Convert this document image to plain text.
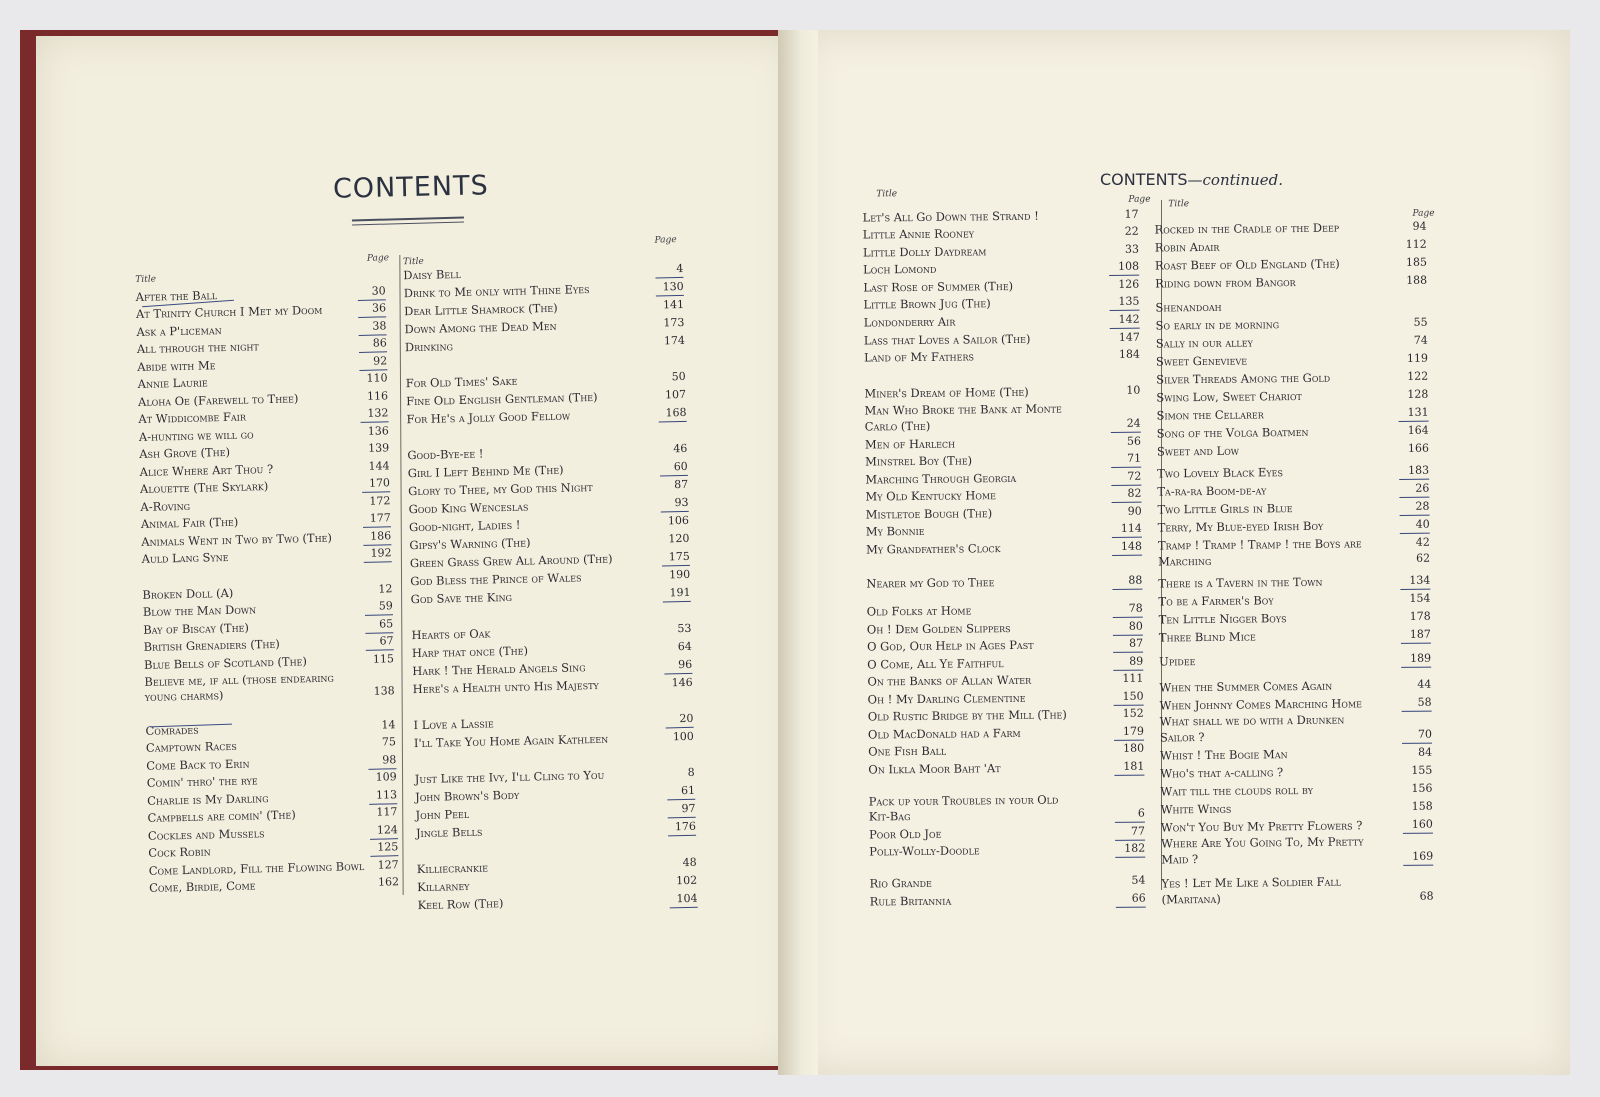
CONTENTS
Title
Page
After the Ball	30
At Trinity Church I Met my Doom	36
Ask a P'liceman	38
All through the night	86
Abide with Me	92
Annie Laurie	110
Aloha Oe (Farewell to Thee)	116
At Widdicombe Fair	132
A-hunting we will go	136
Ash Grove (The)	139
Alice Where Art Thou ?	144
Alouette (The Skylark)	170
A-Roving	172
Animal Fair (The)	177
Animals Went in Two by Two (The)	186
Auld Lang Syne	192
Broken Doll (A)	12
Blow the Man Down	59
Bay of Biscay (The)	65
British Grenadiers (The)	67
Blue Bells of Scotland (The)	115
Believe me, if all (those endearing
young charms)	138
Comrades	14
Camptown Races	75
Come Back to Erin	98
Comin' thro' the rye	109
Charlie is My Darling	113
Campbells are comin' (The)	117
Cockles and Mussels	124
Cock Robin	125
Come Landlord, Fill the Flowing Bowl	127
Come, Birdie, Come	162
Title
Page
Daisy Bell	4
Drink to Me only with Thine Eyes	130
Dear Little Shamrock (The)	141
Down Among the Dead Men	173
Drinking	174
For Old Times' Sake	50
Fine Old English Gentleman (The)	107
For He's a Jolly Good Fellow	168
Good-Bye-ee !	46
Girl I Left Behind Me (The)	60
Glory to Thee, my God this Night	87
Good King Wenceslas	93
Good-night, Ladies !	106
Gipsy's Warning (The)	120
Green Grass Grew All Around (The)	175
God Bless the Prince of Wales	190
God Save the King	191
Hearts of Oak	53
Harp that once (The)	64
Hark ! The Herald Angels Sing	96
Here's a Health unto His Majesty	146
I Love a Lassie	20
I'll Take You Home Again Kathleen	100
Just Like the Ivy, I'll Cling to You	8
John Brown's Body	61
John Peel	97
Jingle Bells	176
Killiecrankie	48
Killarney	102
Keel Row (The)	104
CONTENTS—continued.
Title
Page
Let's All Go Down the Strand !	17
Little Annie Rooney	22
Little Dolly Daydream	33
Loch Lomond	108
Last Rose of Summer (The)	126
Little Brown Jug (The)	135
Londonderry Air	142
Lass that Loves a Sailor (The)	147
Land of My Fathers	184
Miner's Dream of Home (The)	10
Man Who Broke the Bank at Monte
Carlo (The)	24
Men of Harlech	56
Minstrel Boy (The)	71
Marching Through Georgia	72
My Old Kentucky Home	82
Mistletoe Bough (The)	90
My Bonnie	114
My Grandfather's Clock	148
Nearer my God to Thee	88
Old Folks at Home	78
Oh ! Dem Golden Slippers	80
O God, Our Help in Ages Past	87
O Come, All Ye Faithful	89
On the Banks of Allan Water	111
Oh ! My Darling Clementine	150
Old Rustic Bridge by the Mill (The)	152
Old MacDonald had a Farm	179
One Fish Ball	180
On Ilkla Moor Baht 'At	181
Pack up your Troubles in your Old
Kit-Bag	6
Poor Old Joe	77
Polly-Wolly-Doodle	182
Rio Grande	54
Rule Britannia	66
Title
Page
Rocked in the Cradle of the Deep	94
Robin Adair	112
Roast Beef of Old England (The)	185
Riding down from Bangor	188
Shenandoah
So early in de morning	55
Sally in our alley	74
Sweet Genevieve	119
Silver Threads Among the Gold	122
Swing Low, Sweet Chariot	128
Simon the Cellarer	131
Song of the Volga Boatmen	164
Sweet and Low	166
Two Lovely Black Eyes	183
Ta-ra-ra Boom-de-ay	26
Two Little Girls in Blue	28
Terry, My Blue-eyed Irish Boy	40
Tramp ! Tramp ! Tramp ! the Boys are	42
Marching	62
There is a Tavern in the Town	134
To be a Farmer's Boy	154
Ten Little Nigger Boys	178
Three Blind Mice	187
Upidee	189
When the Summer Comes Again	44
When Johnny Comes Marching Home	58
What shall we do with a Drunken
Sailor ?	70
Whist ! The Bogie Man	84
Who's that a-calling ?	155
Wait till the clouds roll by	156
White Wings	158
Won't You Buy My Pretty Flowers ?	160
Where Are You Going To, My Pretty
Maid ?	169
Yes ! Let Me Like a Soldier Fall
(Maritana)	68
